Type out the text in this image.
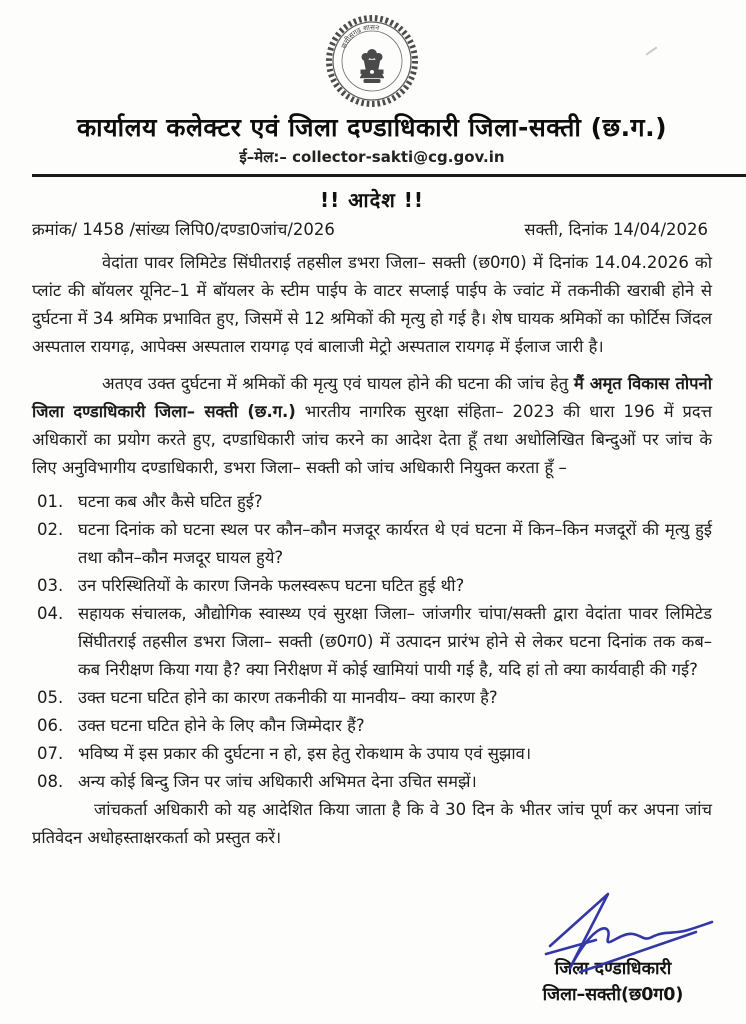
छत्तीसगढ़ शासन
कार्यालय कलेक्टर एवं जिला दण्डाधिकारी जिला-सक्ती (छ.ग.)
ई–मेल:– collector-sakti@cg.gov.in
!! आदेश !!
क्रमांक/ 1458 /सांख्य लिपि0/दण्डा0जांच/2026	सक्ती, दिनांक 14/04/2026

वेदांता पावर लिमिटेड सिंघीतराई तहसील डभरा जिला– सक्ती (छ0ग0) में दिनांक 14.04.2026 को प्लांट की बॉयलर यूनिट–1 में बॉयलर के स्टीम पाईप के वाटर सप्लाई पाईप के ज्वांट में तकनीकी खराबी होने से दुर्घटना में 34 श्रमिक प्रभावित हुए, जिसमें से 12 श्रमिकों की मृत्यु हो गई है। शेष घायक श्रमिकों का फोर्टिस जिंदल अस्पताल रायगढ़, आपेक्स अस्पताल रायगढ़ एवं बालाजी मेट्रो अस्पताल रायगढ़ में ईलाज जारी है।

अतएव उक्त दुर्घटना में श्रमिकों की मृत्यु एवं घायल होने की घटना की जांच हेतु मैं अमृत विकास तोपनो जिला दण्डाधिकारी जिला– सक्ती (छ.ग.) भारतीय नागरिक सुरक्षा संहिता– 2023 की धारा 196 में प्रदत्त अधिकारों का प्रयोग करते हुए, दण्डाधिकारी जांच करने का आदेश देता हूँ तथा अधोलिखित बिन्दुओं पर जांच के लिए अनुविभागीय दण्डाधिकारी, डभरा जिला– सक्ती को जांच अधिकारी नियुक्त करता हूँ –

01. घटना कब और कैसे घटित हुई?
02. घटना दिनांक को घटना स्थल पर कौन–कौन मजदूर कार्यरत थे एवं घटना में किन–किन मजदूरों की मृत्यु हुई तथा कौन–कौन मजदूर घायल हुये?
03. उन परिस्थितियों के कारण जिनके फलस्वरूप घटना घटित हुई थी?
04. सहायक संचालक, औद्योगिक स्वास्थ्य एवं सुरक्षा जिला– जांजगीर चांपा/सक्ती द्वारा वेदांता पावर लिमिटेड सिंघीतराई तहसील डभरा जिला– सक्ती (छ0ग0) में उत्पादन प्रारंभ होने से लेकर घटना दिनांक तक कब–कब निरीक्षण किया गया है? क्या निरीक्षण में कोई खामियां पायी गई है, यदि हां तो क्या कार्यवाही की गई?
05. उक्त घटना घटित होने का कारण तकनीकी या मानवीय– क्या कारण है?
06. उक्त घटना घटित होने के लिए कौन जिम्मेदार हैं?
07. भविष्य में इस प्रकार की दुर्घटना न हो, इस हेतु रोकथाम के उपाय एवं सुझाव।
08. अन्य कोई बिन्दु जिन पर जांच अधिकारी अभिमत देना उचित समझें।

जांचकर्ता अधिकारी को यह आदेशित किया जाता है कि वे 30 दिन के भीतर जांच पूर्ण कर अपना जांच प्रतिवेदन अधोहस्ताक्षरकर्ता को प्रस्तुत करें।

जिला दण्डाधिकारी
जिला–सक्ती(छ0ग0)
